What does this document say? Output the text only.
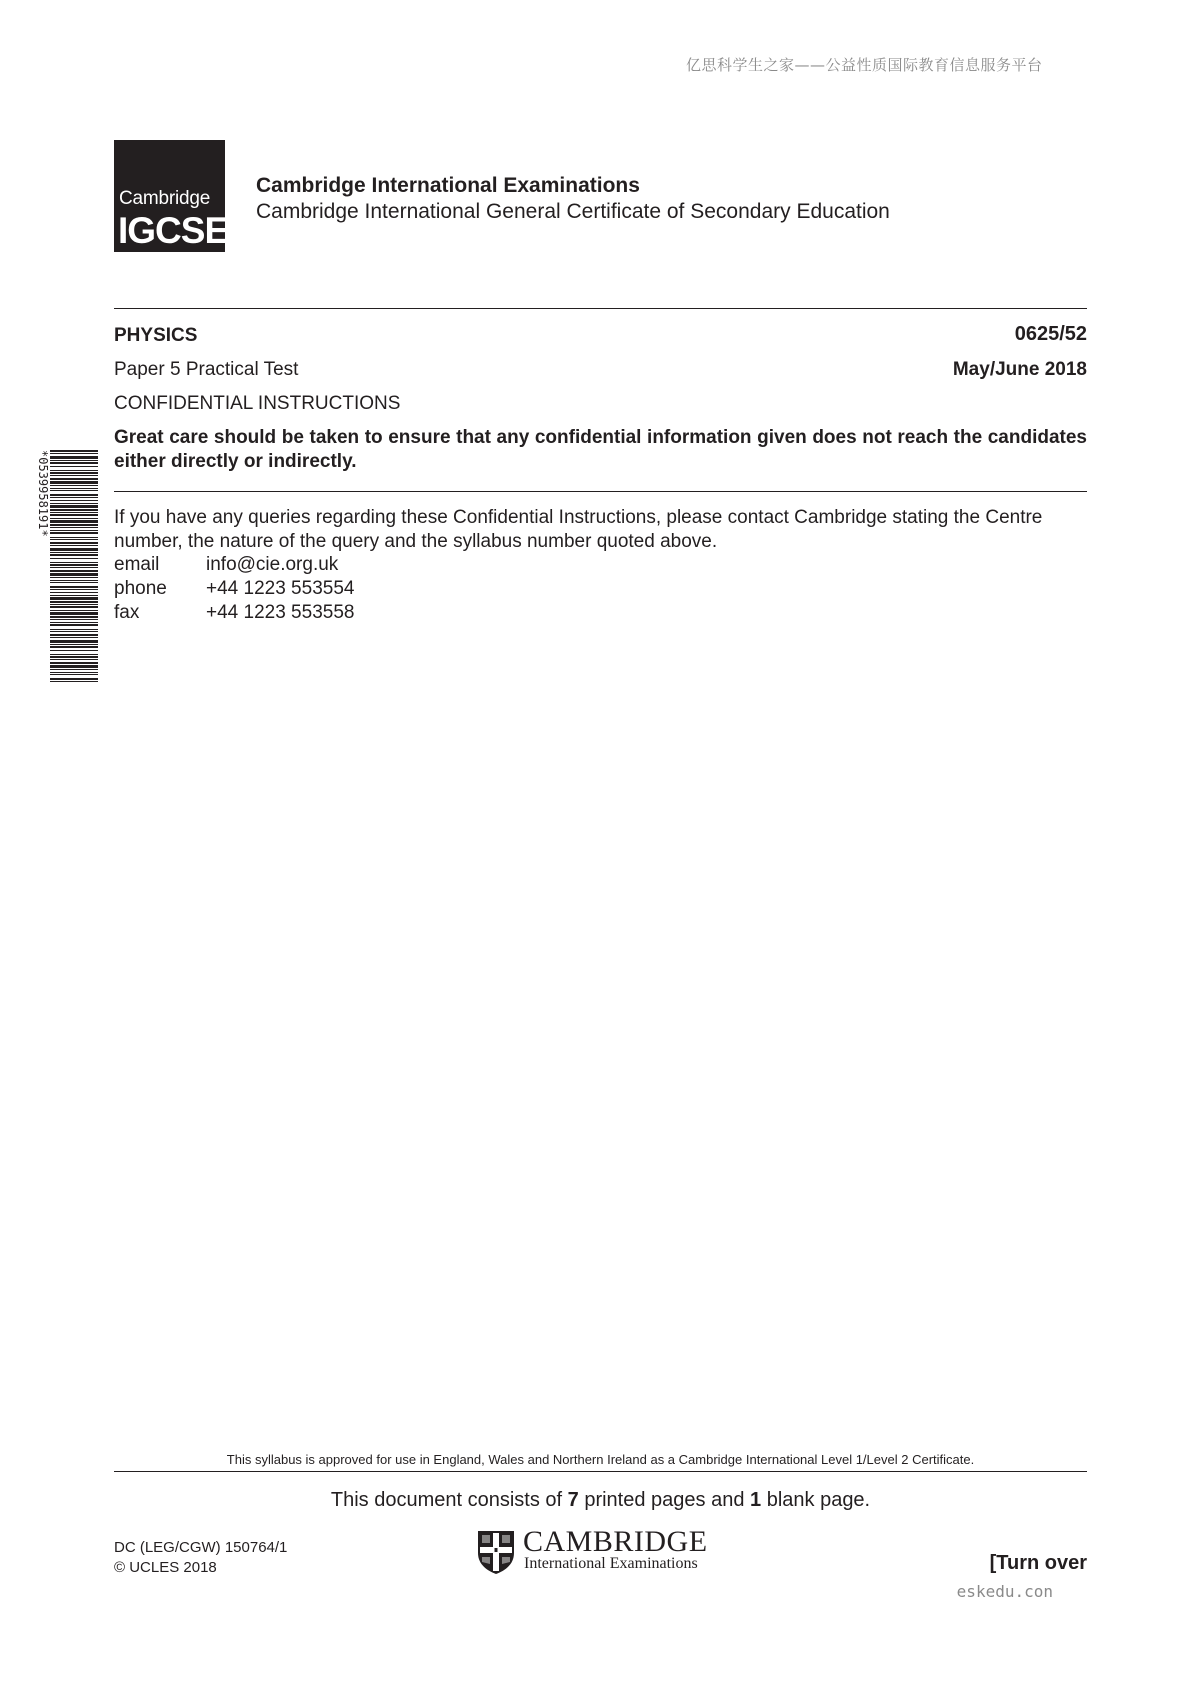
亿思科学生之家——公益性质国际教育信息服务平台
Cambridge
IGCSE
Cambridge International Examinations
Cambridge International General Certificate of Secondary Education
PHYSICS	0625/52
Paper 5 Practical Test	May/June 2018
CONFIDENTIAL INSTRUCTIONS
Great care should be taken to ensure that any confidential information given does not reach the candidates either directly or indirectly.
If you have any queries regarding these Confidential Instructions, please contact Cambridge stating the Centre number, the nature of the query and the syllabus number quoted above.
email info@cie.org.uk
phone +44 1223 553554
fax	+44 1223 553558
*0539958191*
This syllabus is approved for use in England, Wales and Northern Ireland as a Cambridge International Level 1/Level 2 Certificate.
This document consists of 7 printed pages and 1 blank page.
DC (LEG/CGW) 150764/1
© UCLES 2018
CAMBRIDGE
International Examinations	[Turn over
eskedu.con
